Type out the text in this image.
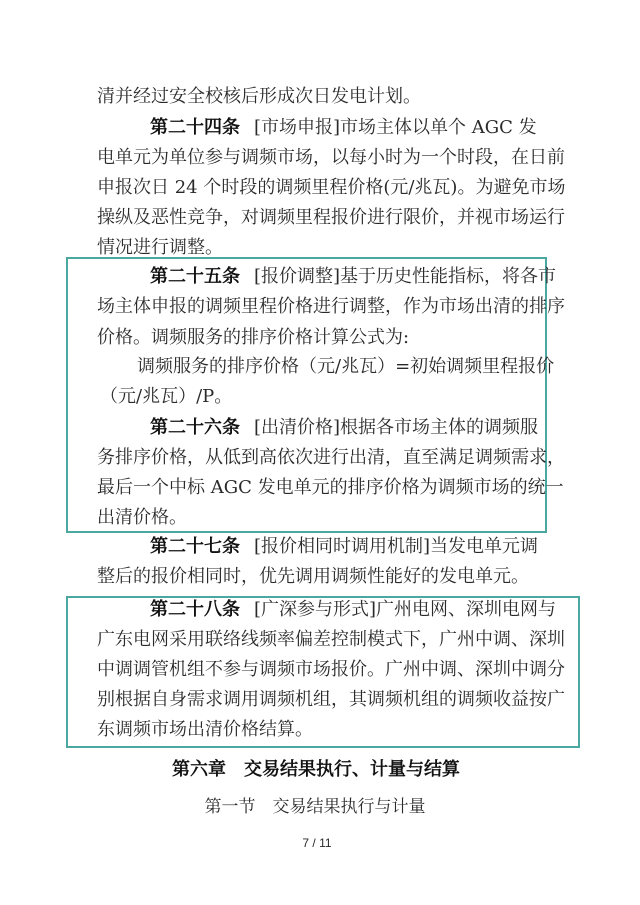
清并经过安全校核后形成次日发电计划。
第二十四条 [市场申报]市场主体以单个 AGC 发
电单元为单位参与调频市场，以每小时为一个时段，在日前
申报次日 24 个时段的调频里程价格(元/兆瓦)。为避免市场
操纵及恶性竞争，对调频里程报价进行限价，并视市场运行
情况进行调整。
第二十五条 [报价调整]基于历史性能指标，将各市
场主体申报的调频里程价格进行调整，作为市场出清的排序
价格。调频服务的排序价格计算公式为:
调频服务的排序价格（元/兆瓦）=初始调频里程报价
（元/兆瓦）/P。
第二十六条 [出清价格]根据各市场主体的调频服
务排序价格，从低到高依次进行出清，直至满足调频需求，
最后一个中标 AGC 发电单元的排序价格为调频市场的统一
出清价格。
第二十七条 [报价相同时调用机制]当发电单元调
整后的报价相同时，优先调用调频性能好的发电单元。
第二十八条 [广深参与形式]广州电网、深圳电网与
广东电网采用联络线频率偏差控制模式下，广州中调、深圳
中调调管机组不参与调频市场报价。广州中调、深圳中调分
别根据自身需求调用调频机组，其调频机组的调频收益按广
东调频市场出清价格结算。
第六章　交易结果执行、计量与结算
第一节　交易结果执行与计量
7 / 11
